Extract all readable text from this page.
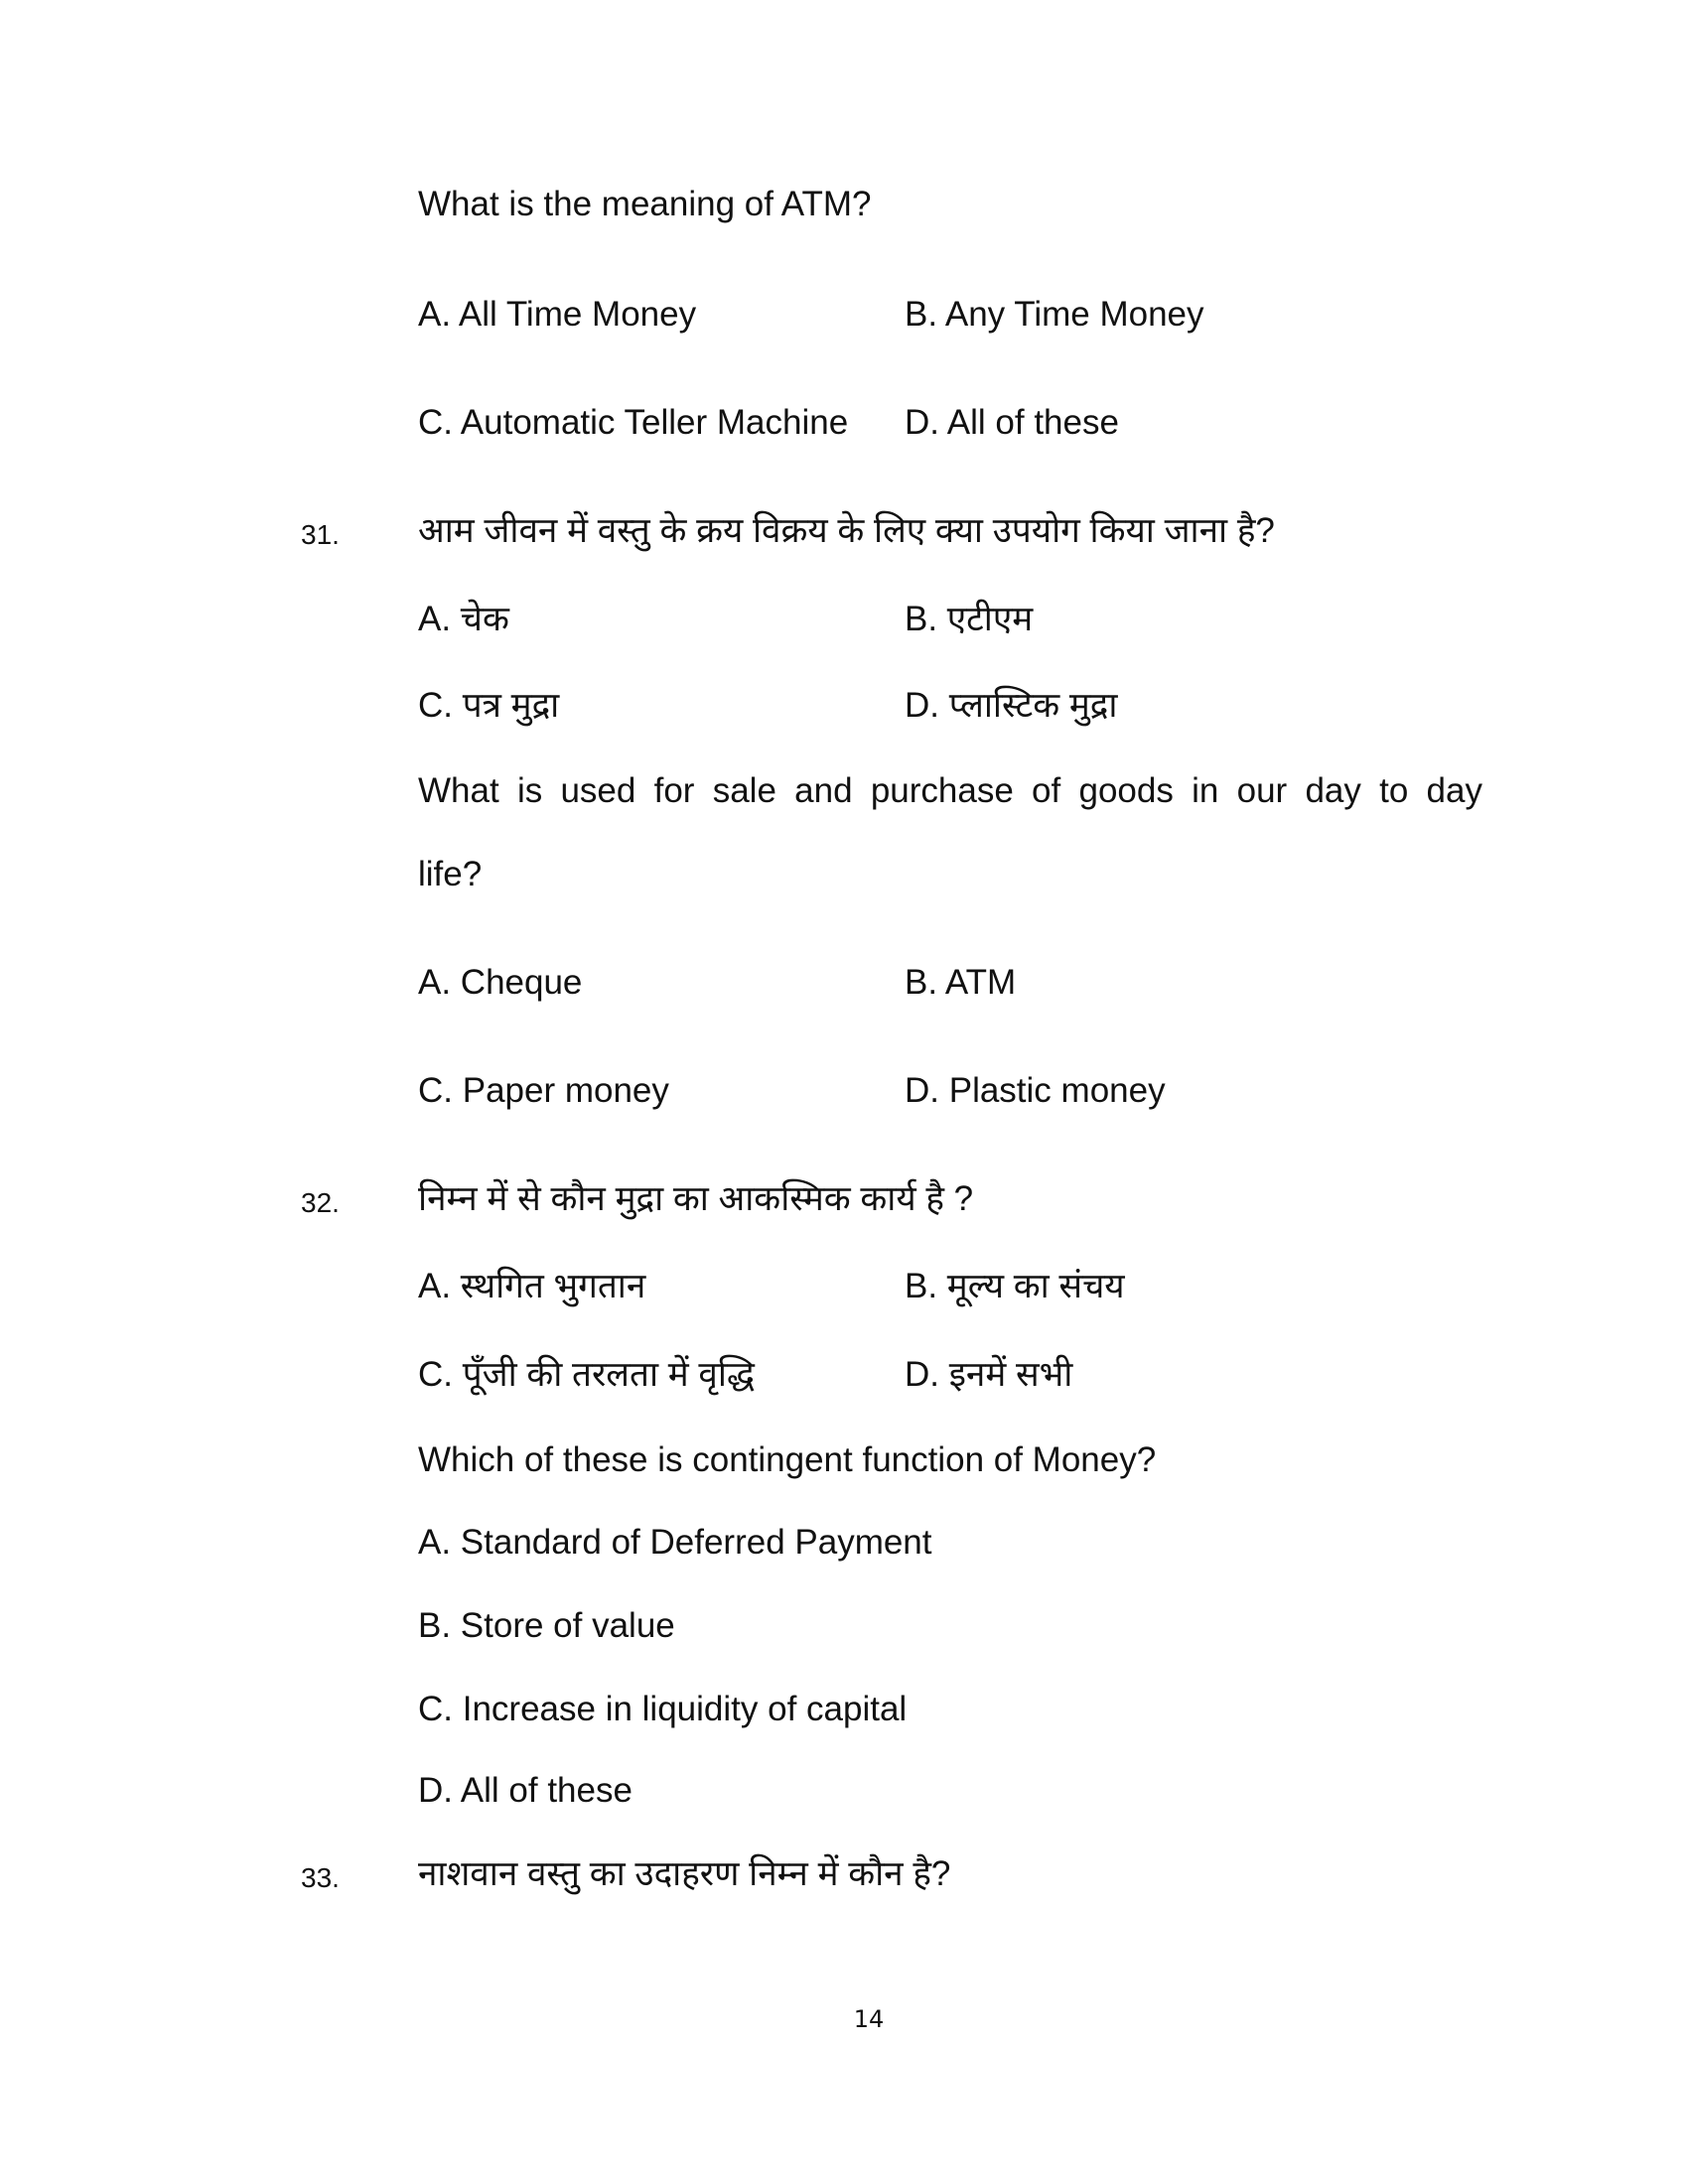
What is the meaning of ATM?
A. All Time Money	B. Any Time Money
C. Automatic Teller Machine D. All of these
31. आम जीवन में वस्तु के क्रय विक्रय के लिए क्या उपयोग किया जाना है?
A. चेक	B. एटीएम
C. पत्र मुद्रा	D. प्लास्टिक मुद्रा
What is used for sale and purchase of goods in our day to day
life?
A. Cheque	B. ATM
C. Paper money	D. Plastic money
32. निम्न में से कौन मुद्रा का आकस्मिक कार्य है ?
A. स्थगित भुगतान	B. मूल्य का संचय
C. पूँजी की तरलता में वृद्धि	D. इनमें सभी
Which of these is contingent function of Money?
A. Standard of Deferred Payment
B. Store of value
C. Increase in liquidity of capital
D. All of these
33. नाशवान वस्तु का उदाहरण निम्न में कौन है?
14
